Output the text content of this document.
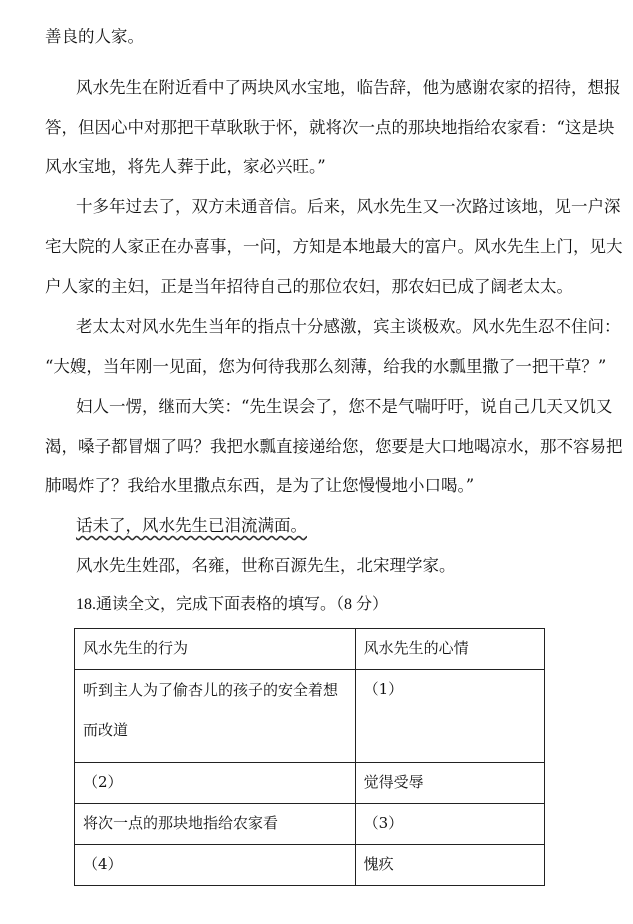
善良的人家。
风水先生在附近看中了两块风水宝地，临告辞，他为感谢农家的招待，想报
答，但因心中对那把干草耿耿于怀，就将次一点的那块地指给农家看：“这是块
风水宝地，将先人葬于此，家必兴旺。”
十多年过去了，双方未通音信。后来，风水先生又一次路过该地，见一户深
宅大院的人家正在办喜事，一问，方知是本地最大的富户。风水先生上门，见大
户人家的主妇，正是当年招待自己的那位农妇，那农妇已成了阔老太太。
老太太对风水先生当年的指点十分感激，宾主谈极欢。风水先生忍不住问：
“大嫂，当年刚一见面，您为何待我那么刻薄，给我的水瓢里撒了一把干草？”
妇人一愣，继而大笑：“先生误会了，您不是气喘吁吁，说自己几天又饥又
渴，嗓子都冒烟了吗？我把水瓢直接递给您，您要是大口地喝凉水，那不容易把
肺喝炸了？我给水里撒点东西，是为了让您慢慢地小口喝。”
话未了，风水先生已泪流满面。
风水先生姓邵，名雍，世称百源先生，北宋理学家。
18.通读全文，完成下面表格的填写。（8 分）
风水先生的行为	风水先生的心情

听到主人为了偷杏儿的孩子的安全着想
而改道	（1）
（2）	觉得受辱
将次一点的那块地指给农家看	（3）
（4）	愧疚
